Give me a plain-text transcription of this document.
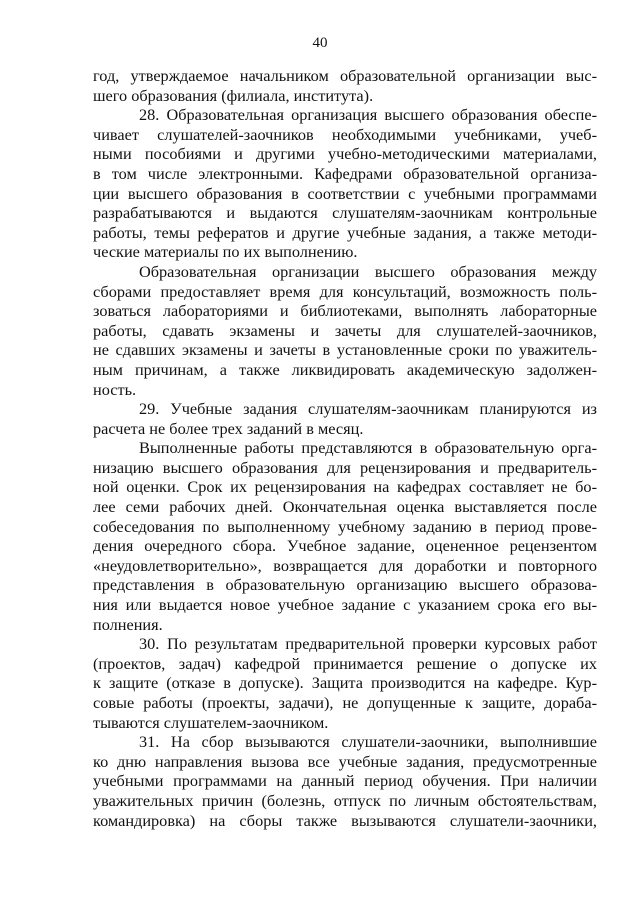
40
год, утверждаемое начальником образовательной организации выс-
шего образования (филиала, института).
28. Образовательная организация высшего образования обеспе-
чивает слушателей-заочников необходимыми учебниками, учеб-
ными пособиями и другими учебно-методическими материалами,
в том числе электронными. Кафедрами образовательной организа-
ции высшего образования в соответствии с учебными программами
разрабатываются и выдаются слушателям-заочникам контрольные
работы, темы рефератов и другие учебные задания, а также методи-
ческие материалы по их выполнению.
Образовательная организации высшего образования между
сборами предоставляет время для консультаций, возможность поль-
зоваться лабораториями и библиотеками, выполнять лабораторные
работы, сдавать экзамены и зачеты для слушателей-заочников,
не сдавших экзамены и зачеты в установленные сроки по уважитель-
ным причинам, а также ликвидировать академическую задолжен-
ность.
29. Учебные задания слушателям-заочникам планируются из
расчета не более трех заданий в месяц.
Выполненные работы представляются в образовательную орга-
низацию высшего образования для рецензирования и предваритель-
ной оценки. Срок их рецензирования на кафедрах составляет не бо-
лее семи рабочих дней. Окончательная оценка выставляется после
собеседования по выполненному учебному заданию в период прове-
дения очередного сбора. Учебное задание, оцененное рецензентом
«неудовлетворительно», возвращается для доработки и повторного
представления в образовательную организацию высшего образова-
ния или выдается новое учебное задание с указанием срока его вы-
полнения.
30. По результатам предварительной проверки курсовых работ
(проектов, задач) кафедрой принимается решение о допуске их
к защите (отказе в допуске). Защита производится на кафедре. Кур-
совые работы (проекты, задачи), не допущенные к защите, дораба-
тываются слушателем-заочником.
31. На сбор вызываются слушатели-заочники, выполнившие
ко дню направления вызова все учебные задания, предусмотренные
учебными программами на данный период обучения. При наличии
уважительных причин (болезнь, отпуск по личным обстоятельствам,
командировка) на сборы также вызываются слушатели-заочники,
